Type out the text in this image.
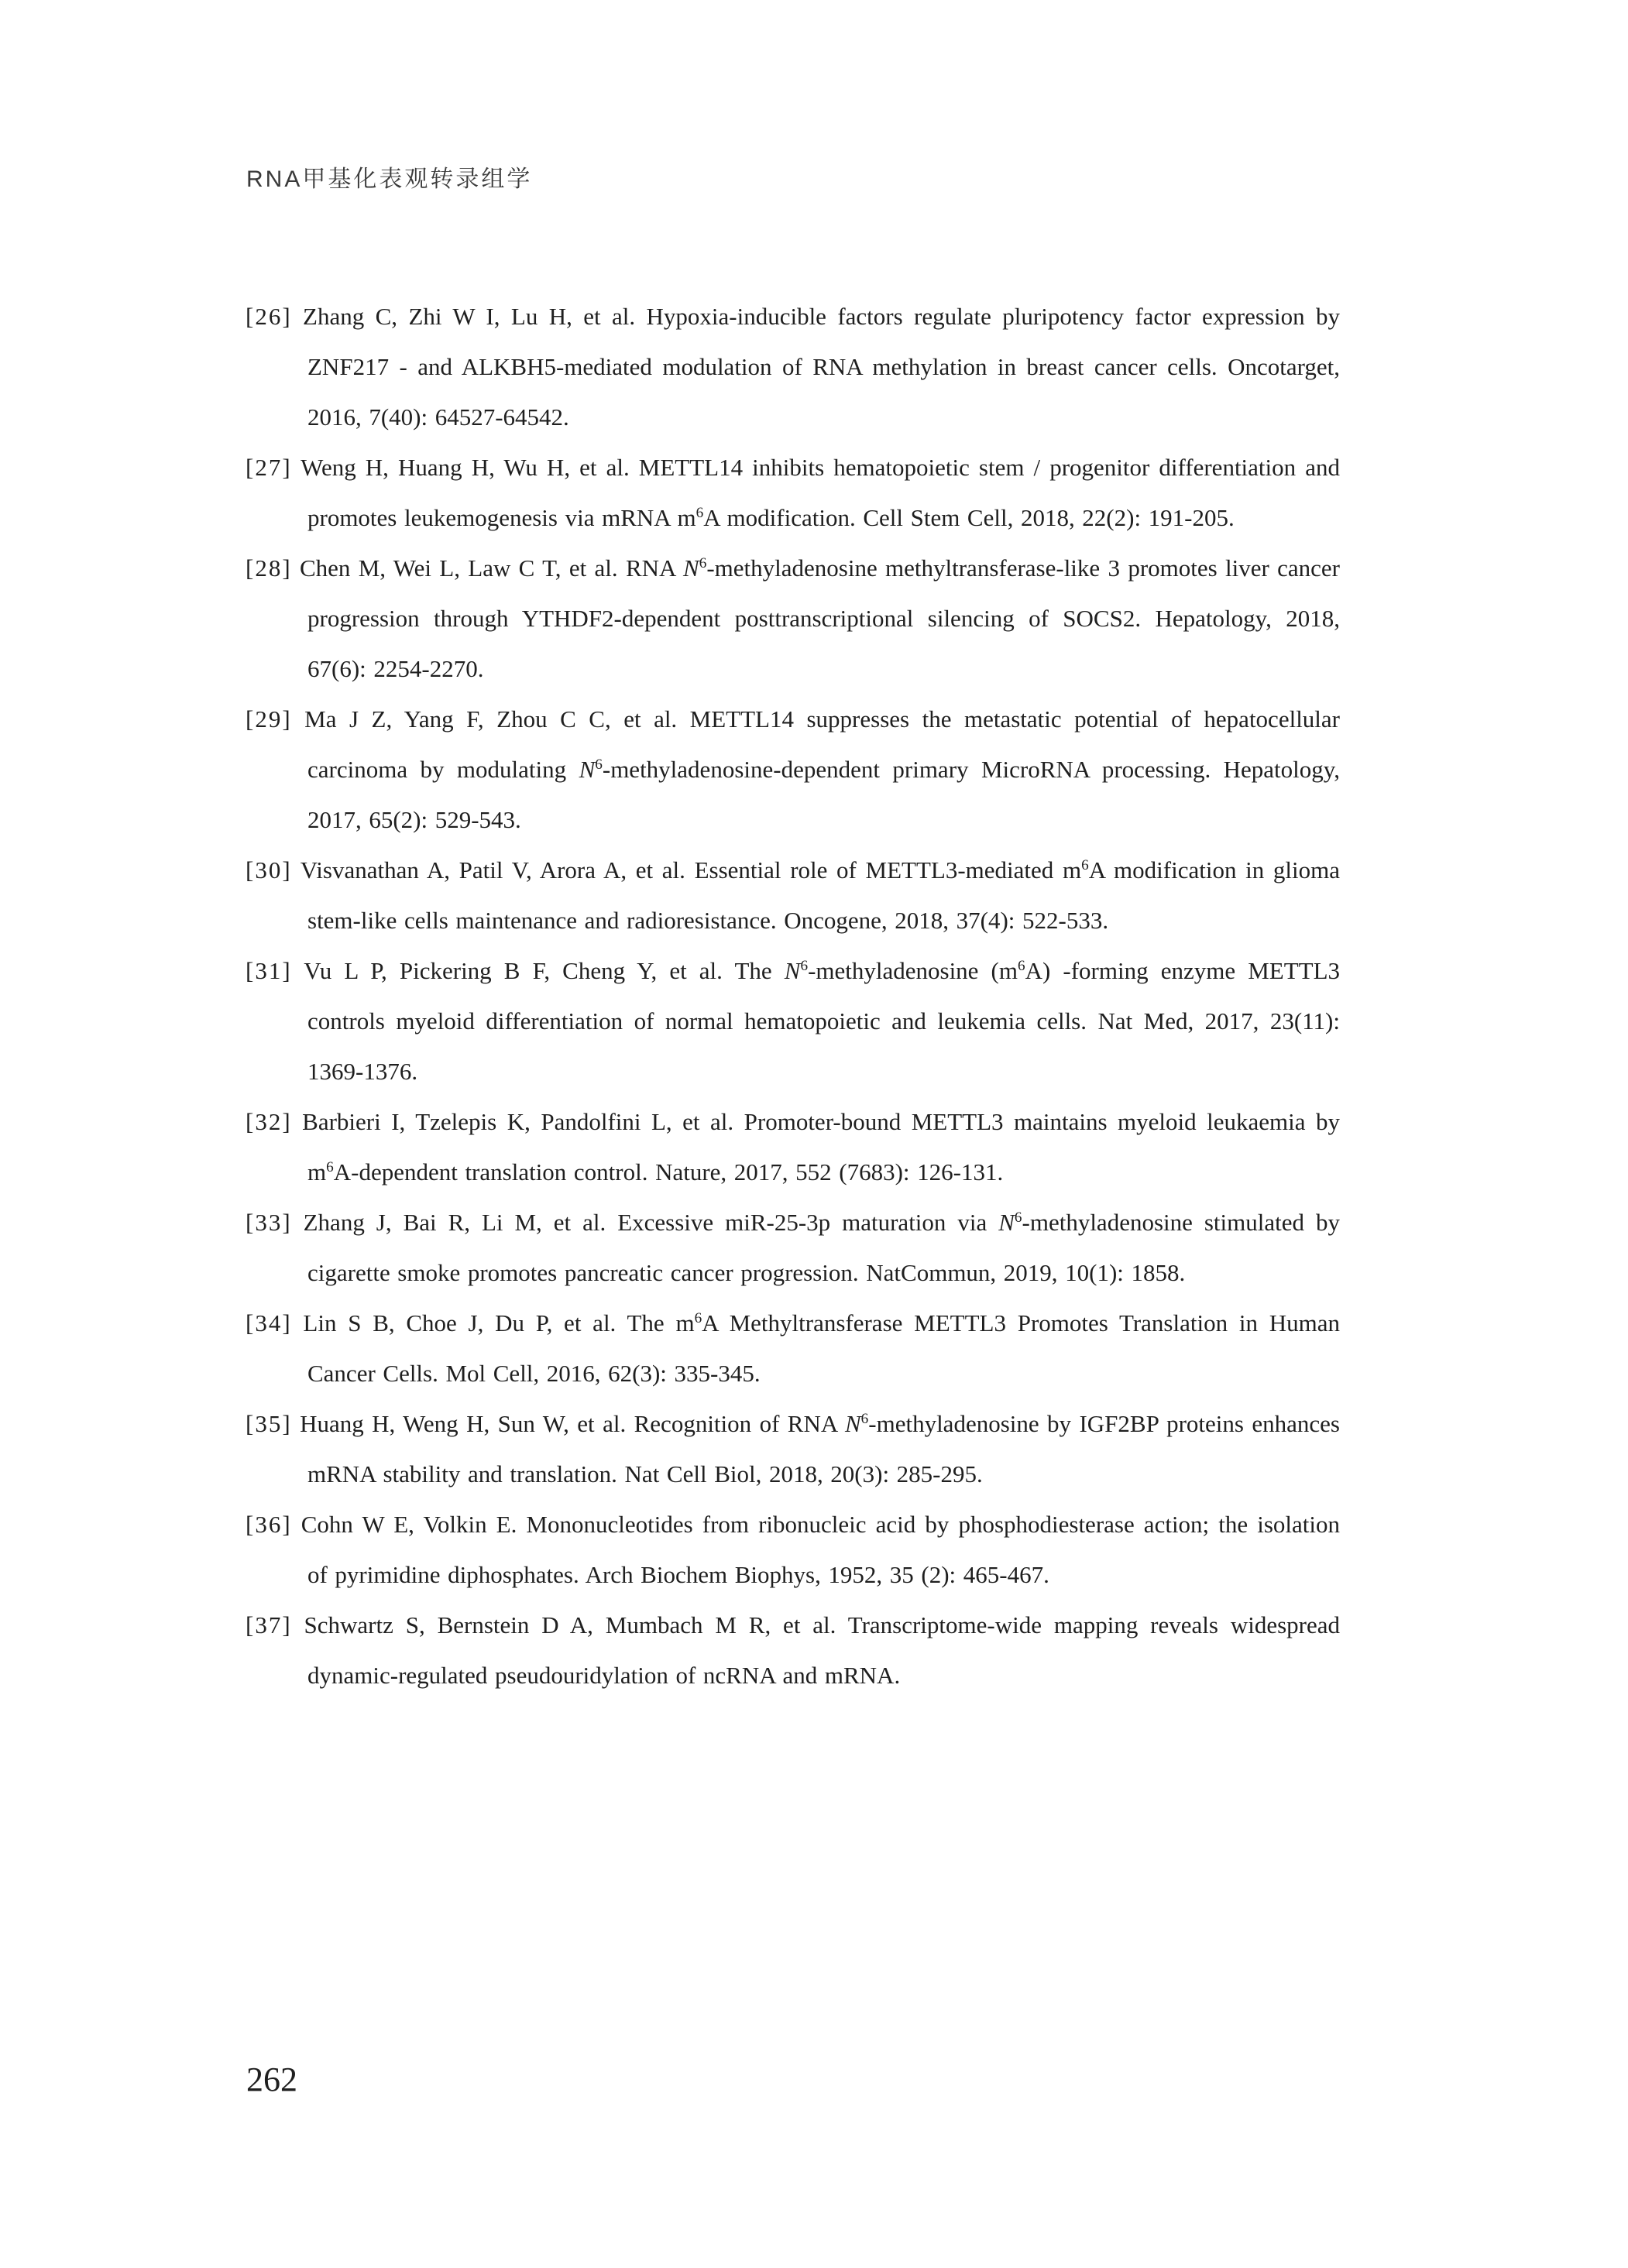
RNA甲基化表观转录组学
[26] Zhang C, Zhi W I, Lu H, et al. Hypoxia-inducible factors regulate pluripotency factor expression by ZNF217 - and ALKBH5-mediated modulation of RNA methylation in breast cancer cells. Oncotarget, 2016, 7(40): 64527-64542.
[27] Weng H, Huang H, Wu H, et al. METTL14 inhibits hematopoietic stem / progenitor differentiation and promotes leukemogenesis via mRNA $m^6A$ modification. Cell Stem Cell, 2018, 22(2): 191-205.
[28] Chen M, Wei L, Law C T, et al. RNA $N^6$-methyladenosine methyltransferase-like 3 promotes liver cancer progression through YTHDF2-dependent posttranscriptional silencing of SOCS2. Hepatology, 2018, 67(6): 2254-2270.
[29] Ma J Z, Yang F, Zhou C C, et al. METTL14 suppresses the metastatic potential of hepatocellular carcinoma by modulating $N^6-methyladenosine$-dependent primary MicroRNA processing. Hepatology, 2017, 65(2): 529-543.
[30] Visvanathan A, Patil V, Arora A, et al. Essential role of METTL3-mediated $m^6A$ modification in glioma stem-like cells maintenance and radioresistance. Oncogene, 2018, 37(4): 522-533.
[31] Vu L P, Pickering B F, Cheng Y, et al. The $N^6$-methyladenosine $(m^6A)$ -forming enzyme METTL3 controls myeloid differentiation of normal hematopoietic and leukemia cells. Nat Med, 2017, 23(11): 1369-1376.
[32] Barbieri I, Tzelepis K, Pandolfini L, et al. Promoter-bound METTL3 maintains myeloid leukaemia by $m^6A$-dependent translation control. Nature, 2017, 552 (7683): 126-131.
[33] Zhang J, Bai R, Li M, et al. Excessive miR-25-3p maturation via $N^6$-methyladenosine stimulated by cigarette smoke promotes pancreatic cancer progression. NatCommun, 2019, 10(1): 1858.
[34] Lin S B, Choe J, Du P, et al. The $m^6A$ Methyltransferase METTL3 Promotes Translation in Human Cancer Cells. Mol Cell, 2016, 62(3): 335-345.
[35] Huang H, Weng H, Sun W, et al. Recognition of RNA $N^6$-methyladenosine by IGF2BP proteins enhances mRNA stability and translation. Nat Cell Biol, 2018, 20(3): 285-295.
[36] Cohn W E, Volkin E. Mononucleotides from ribonucleic acid by phosphodiesterase action; the isolation of pyrimidine diphosphates. Arch Biochem Biophys, 1952, 35 (2): 465-467.
[37] Schwartz S, Bernstein D A, Mumbach M R, et al. Transcriptome-wide mapping reveals widespread dynamic-regulated pseudouridylation of ncRNA and mRNA.
262
